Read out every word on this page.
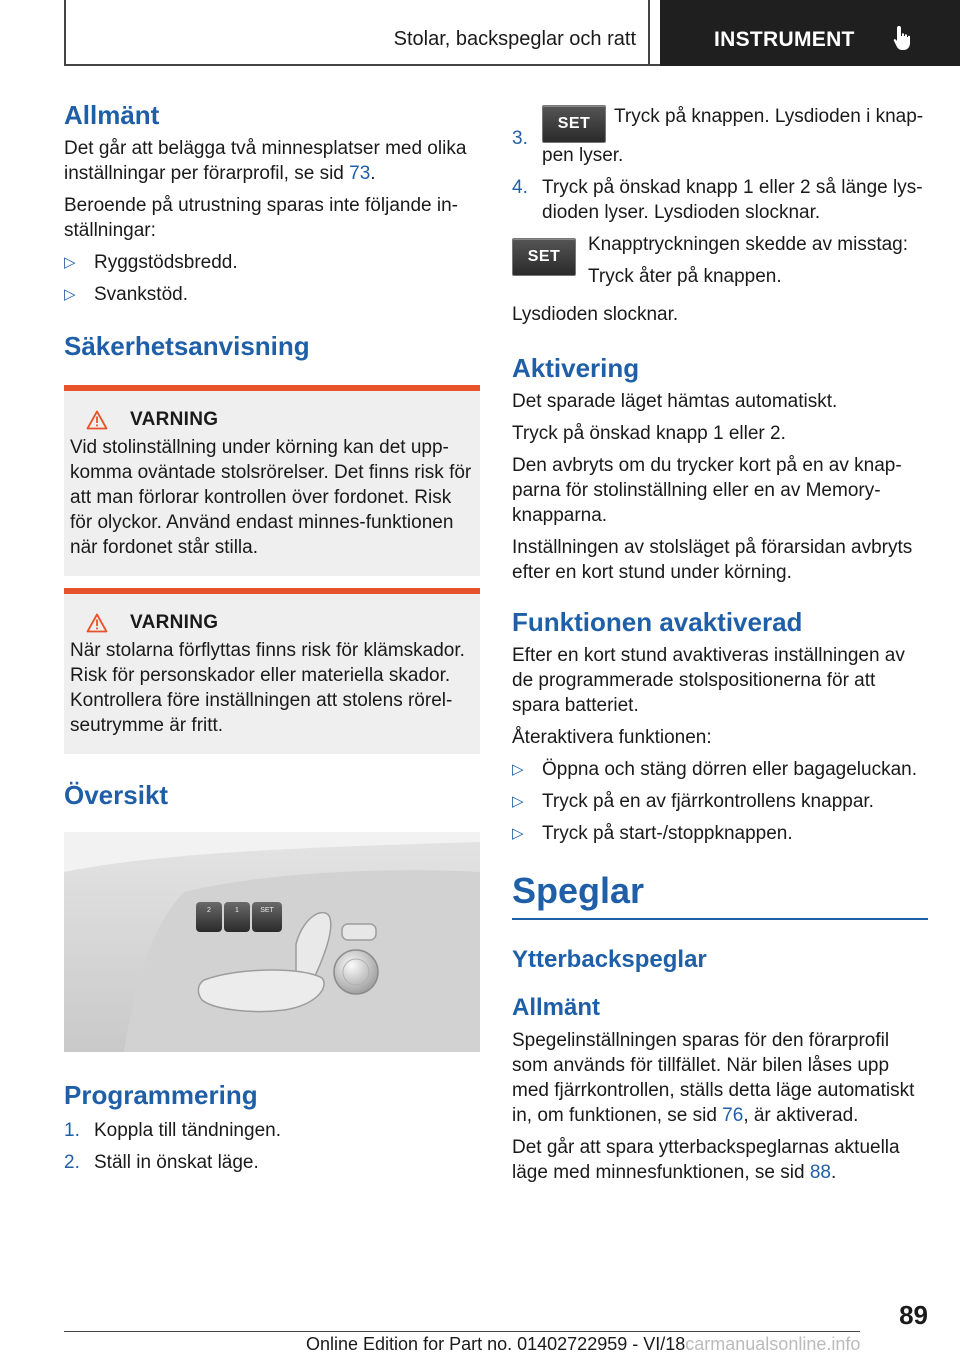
Stolar, backspeglar och ratt	INSTRUMENT
Allmänt

Det går att belägga två minnesplatser med olika inställningar per förarprofil, se sid 73.

Beroende på utrustning sparas inte följande in-ställningar:

▷ Ryggstödsbredd.
▷ Svankstöd.
Säkerhetsanvisning
VARNING
Vid stolinställning under körning kan det upp-komma oväntade stolsrörelser. Det finns risk för att man förlorar kontrollen över fordonet. Risk för olyckor. Använd endast minnes-funktionen när fordonet står stilla.
VARNING
När stolarna förflyttas finns risk för klämskador. Risk för personskador eller materiella skador. Kontrollera före inställningen att stolens rörel-seutrymme är fritt.
Översikt
2	1	SET
Programmering
1. Koppla till tändningen.
2. Ställ in önskat läge.
3.
SET Tryck på knappen. Lysdioden i knap-pen lyser.
4. Tryck på önskad knapp 1 eller 2 så länge lys-dioden lyser. Lysdioden slocknar.
SET

Knapptryckningen skedde av misstag:

Tryck åter på knappen.

Lysdioden slocknar.

Aktivering

Det sparade läget hämtas automatiskt.

Tryck på önskad knapp 1 eller 2.

Den avbryts om du trycker kort på en av knap-parna för stolinställning eller en av Memory-knapparna.

Inställningen av stolsläget på förarsidan avbryts efter en kort stund under körning.

Funktionen avaktiverad

Efter en kort stund avaktiveras inställningen av de programmerade stolspositionerna för att spara batteriet.

Återaktivera funktionen:

▷ Öppna och stäng dörren eller bagageluckan.
▷ Tryck på en av fjärrkontrollens knappar.
▷ Tryck på start-/stoppknappen.
Speglar
Ytterbackspeglar
Allmänt

Spegelinställningen sparas för den förarprofil som används för tillfället. När bilen låses upp med fjärrkontrollen, ställs detta läge automatiskt in, om funktionen, se sid 76, är aktiverad.

Det går att spara ytterbackspeglarnas aktuella läge med minnesfunktionen, se sid 88.

89
Online Edition for Part no. 01402722959 - VI/18carmanualsonline.info
